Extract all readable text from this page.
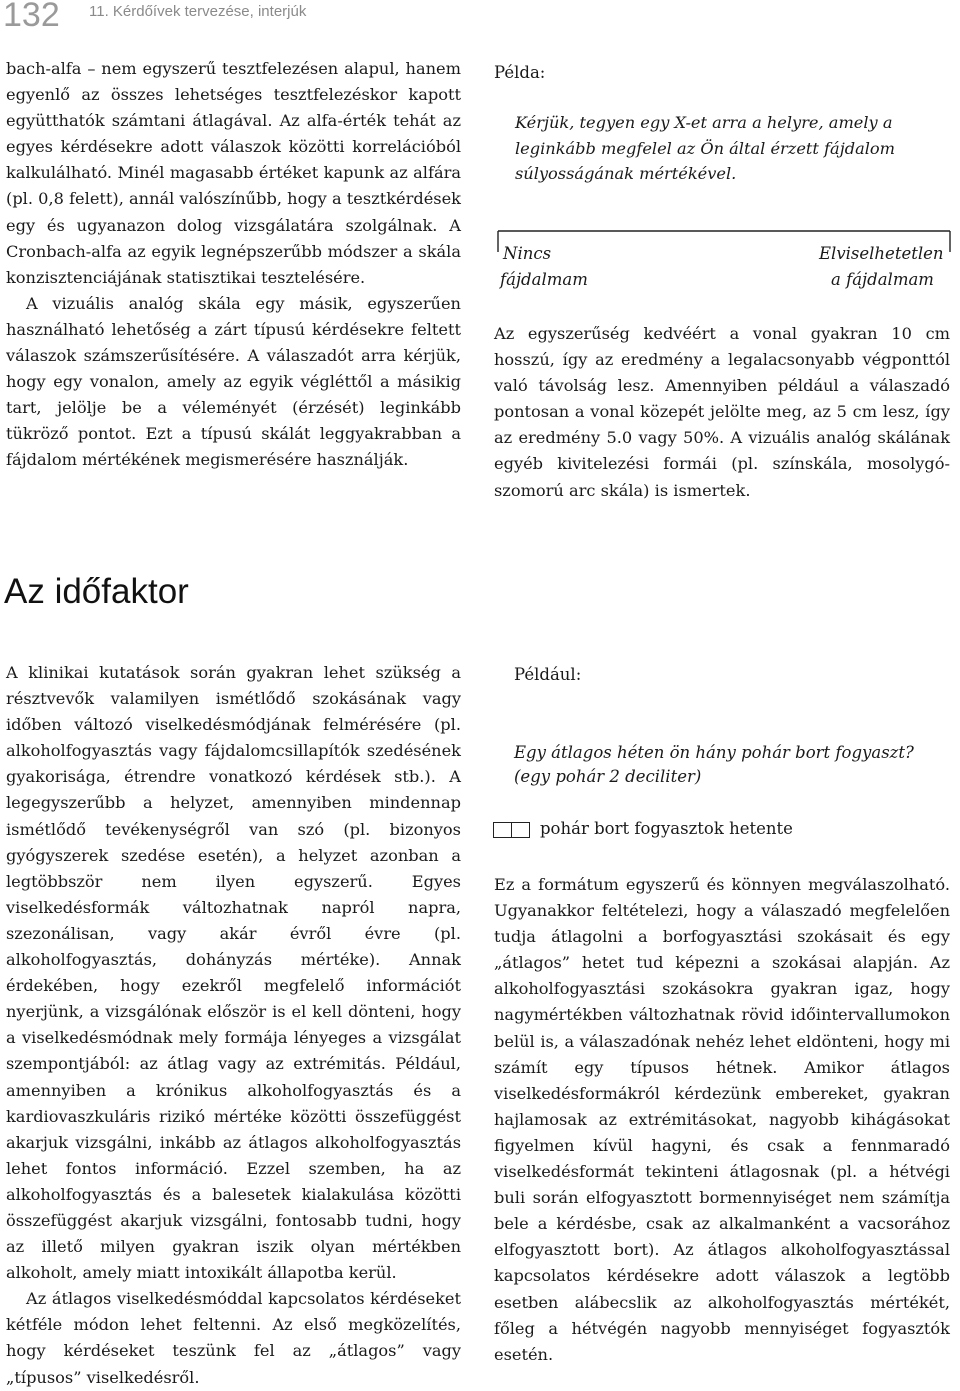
132 11. Kérdőívek tervezése, interjúk

bach-alfa – nem egyszerű tesztfelezésen alapul, hanem egyenlő az összes lehetséges tesztfelezéskor kapott együtthatók számtani átlagával. Az alfa-érték tehát az egyes kérdésekre adott válaszok közötti korrelációból kalkulálható. Minél magasabb értéket kapunk az alfára (pl. 0,8 felett), annál valószínűbb, hogy a tesztkérdések egy és ugyanazon dolog vizsgálatára szolgálnak. A Cronbach-alfa az egyik legnépszerűbb módszer a skála konzisztenciájának statisztikai tesztelésére.

A vizuális analóg skála egy másik, egyszerűen használható lehetőség a zárt típusú kérdésekre feltett válaszok számszerűsítésére. A válaszadót arra kérjük, hogy egy vonalon, amely az egyik végléttől a másikig tart, jelölje be a véleményét (érzését) leginkább tükröző pontot. Ezt a típusú skálát leggyakrabban a fájdalom mértékének megismerésére használják.

Példa:
Kérjük, tegyen egy X-et arra a helyre, amely a leginkább megfelel az Ön által érzett fájdalom súlyosságának mértékével.
Nincs
fájdalmam
Elviselhetetlen
a fájdalmam

Az egyszerűség kedvéért a vonal gyakran 10 cm hosszú, így az eredmény a legalacsonyabb végponttól való távolság lesz. Amennyiben például a válaszadó pontosan a vonal közepét jelölte meg, az 5 cm lesz, így az eredmény 5.0 vagy 50%. A vizuális analóg skálának egyéb kivitelezési formái (pl. színskála, mosolygó-szomorú arc skála) is ismertek.

Az időfaktor

A klinikai kutatások során gyakran lehet szükség a résztvevők valamilyen ismétlődő szokásának vagy időben változó viselkedésmódjának felmérésére (pl. alkoholfogyasztás vagy fájdalomcsillapítók szedésének gyakorisága, étrendre vonatkozó kérdések stb.). A legegyszerűbb a helyzet, amennyiben mindennap ismétlődő tevékenységről van szó (pl. bizonyos gyógyszerek szedése esetén), a helyzet azonban a legtöbbször nem ilyen egyszerű. Egyes viselkedésformák változhatnak napról napra, szezonálisan, vagy akár évről évre (pl. alkoholfogyasztás, dohányzás mértéke). Annak érdekében, hogy ezekről megfelelő információt nyerjünk, a vizsgálónak először is el kell dönteni, hogy a viselkedésmódnak mely formája lényeges a vizsgálat szempontjából: az átlag vagy az extrémitás. Például, amennyiben a krónikus alkoholfogyasztás és a kardiovaszkuláris rizikó mértéke közötti összefüggést akarjuk vizsgálni, inkább az átlagos alkoholfogyasztás lehet fontos információ. Ezzel szemben, ha az alkoholfogyasztás és a balesetek kialakulása közötti összefüggést akarjuk vizsgálni, fontosabb tudni, hogy az illető milyen gyakran iszik olyan mértékben alkoholt, amely miatt intoxikált állapotba kerül.

Az átlagos viselkedésmóddal kapcsolatos kérdéseket kétféle módon lehet feltenni. Az első megközelítés, hogy kérdéseket teszünk fel az „átlagos” vagy „típusos” viselkedésről.

Például:
Egy átlagos héten ön hány pohár bort fogyaszt?
(egy pohár 2 deciliter)
pohár bort fogyasztok hetente

Ez a formátum egyszerű és könnyen megválaszolható. Ugyanakkor feltételezi, hogy a válaszadó megfelelően tudja átlagolni a borfogyasztási szokásait és egy „átlagos” hetet tud képezni a szokásai alapján. Az alkoholfogyasztási szokásokra gyakran igaz, hogy nagymértékben változhatnak rövid időintervallumokon belül is, a válaszadónak nehéz lehet eldönteni, hogy mi számít egy típusos hétnek. Amikor átlagos viselkedésformákról kérdezünk embereket, gyakran hajlamosak az extrémitásokat, nagyobb kihágásokat figyelmen kívül hagyni, és csak a fennmaradó viselkedésformát tekinteni átlagosnak (pl. a hétvégi buli során elfogyasztott bormennyiséget nem számítja bele a kérdésbe, csak az alkalmanként a vacsorához elfogyasztott bort). Az átlagos alkoholfogyasztással kapcsolatos kérdésekre adott válaszok a legtöbb esetben alábecslik az alkoholfogyasztás mértékét, főleg a hétvégén nagyobb mennyiséget fogyasztók esetén.
